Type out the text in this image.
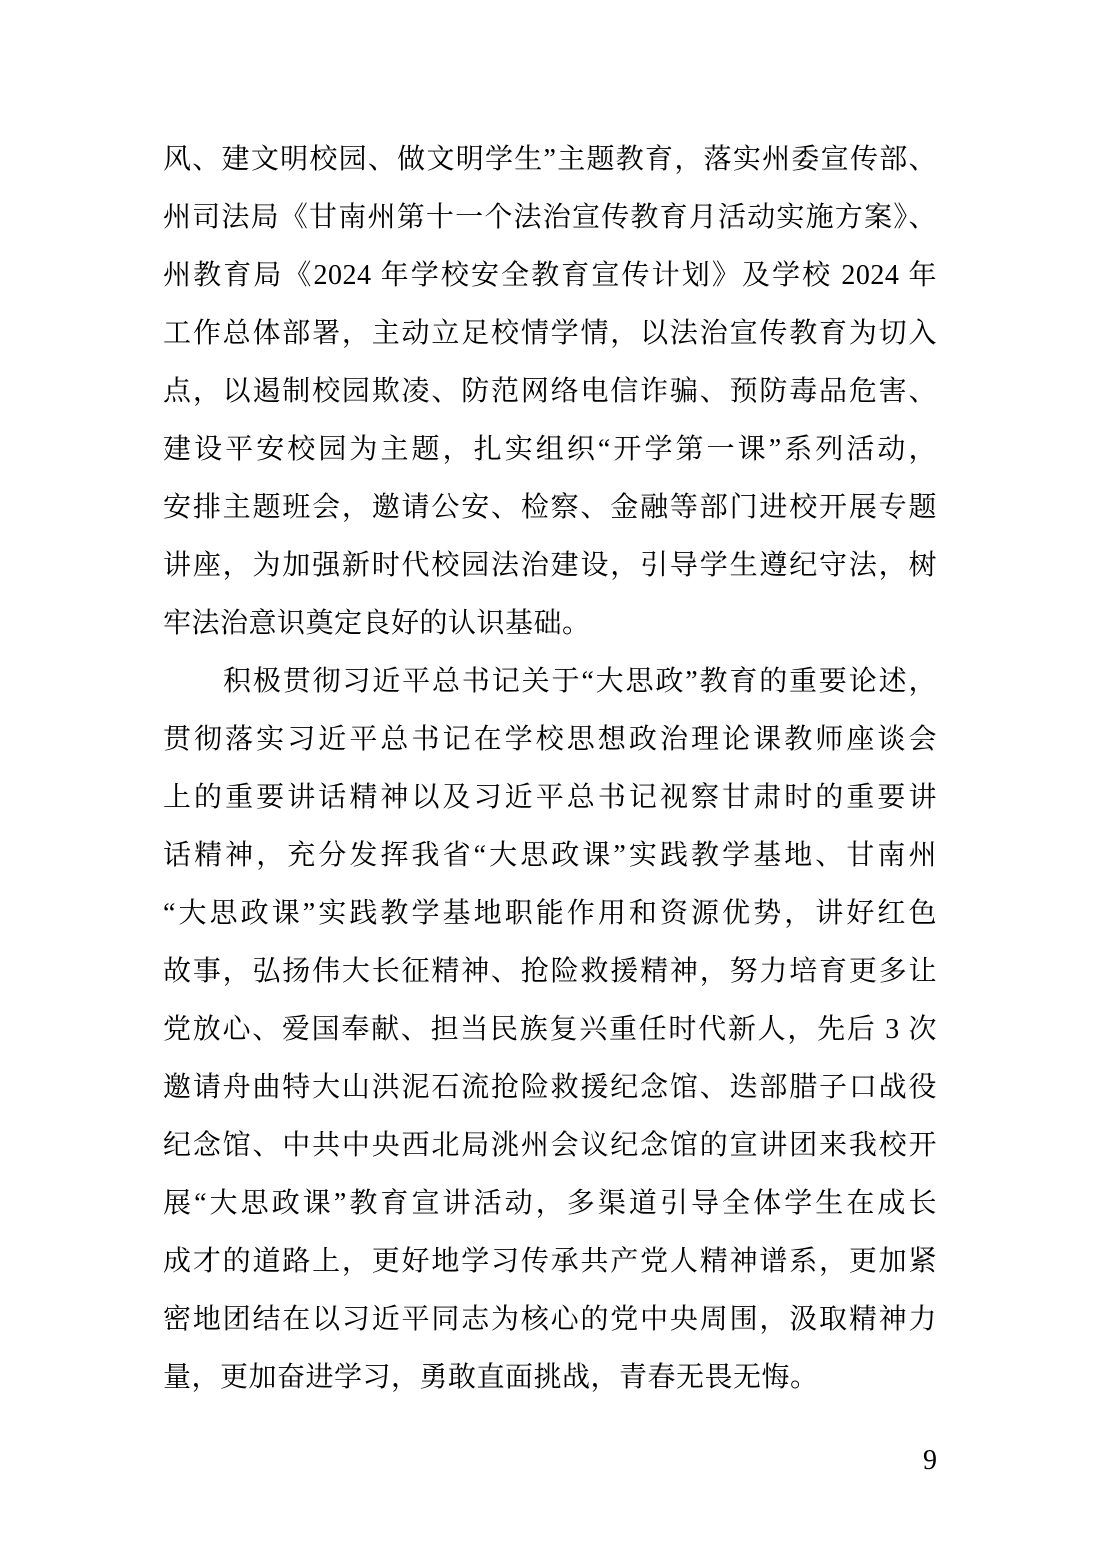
风、建文明校园、做文明学生”主题教育，落实州委宣传部、
州司法局《甘南州第十一个法治宣传教育月活动实施方案》、
州教育局《2024 年学校安全教育宣传计划》及学校 2024 年
工作总体部署，主动立足校情学情，以法治宣传教育为切入
点，以遏制校园欺凌、防范网络电信诈骗、预防毒品危害、
建设平安校园为主题，扎实组织“开学第一课”系列活动，
安排主题班会，邀请公安、检察、金融等部门进校开展专题
讲座，为加强新时代校园法治建设，引导学生遵纪守法，树
牢法治意识奠定良好的认识基础。
积极贯彻习近平总书记关于“大思政”教育的重要论述，
贯彻落实习近平总书记在学校思想政治理论课教师座谈会
上的重要讲话精神以及习近平总书记视察甘肃时的重要讲
话精神，充分发挥我省“大思政课”实践教学基地、甘南州
“大思政课”实践教学基地职能作用和资源优势，讲好红色
故事，弘扬伟大长征精神、抢险救援精神，努力培育更多让
党放心、爱国奉献、担当民族复兴重任时代新人，先后 3 次
邀请舟曲特大山洪泥石流抢险救援纪念馆、迭部腊子口战役
纪念馆、中共中央西北局洮州会议纪念馆的宣讲团来我校开
展“大思政课”教育宣讲活动，多渠道引导全体学生在成长
成才的道路上，更好地学习传承共产党人精神谱系，更加紧
密地团结在以习近平同志为核心的党中央周围，汲取精神力
量，更加奋进学习，勇敢直面挑战，青春无畏无悔。
9
